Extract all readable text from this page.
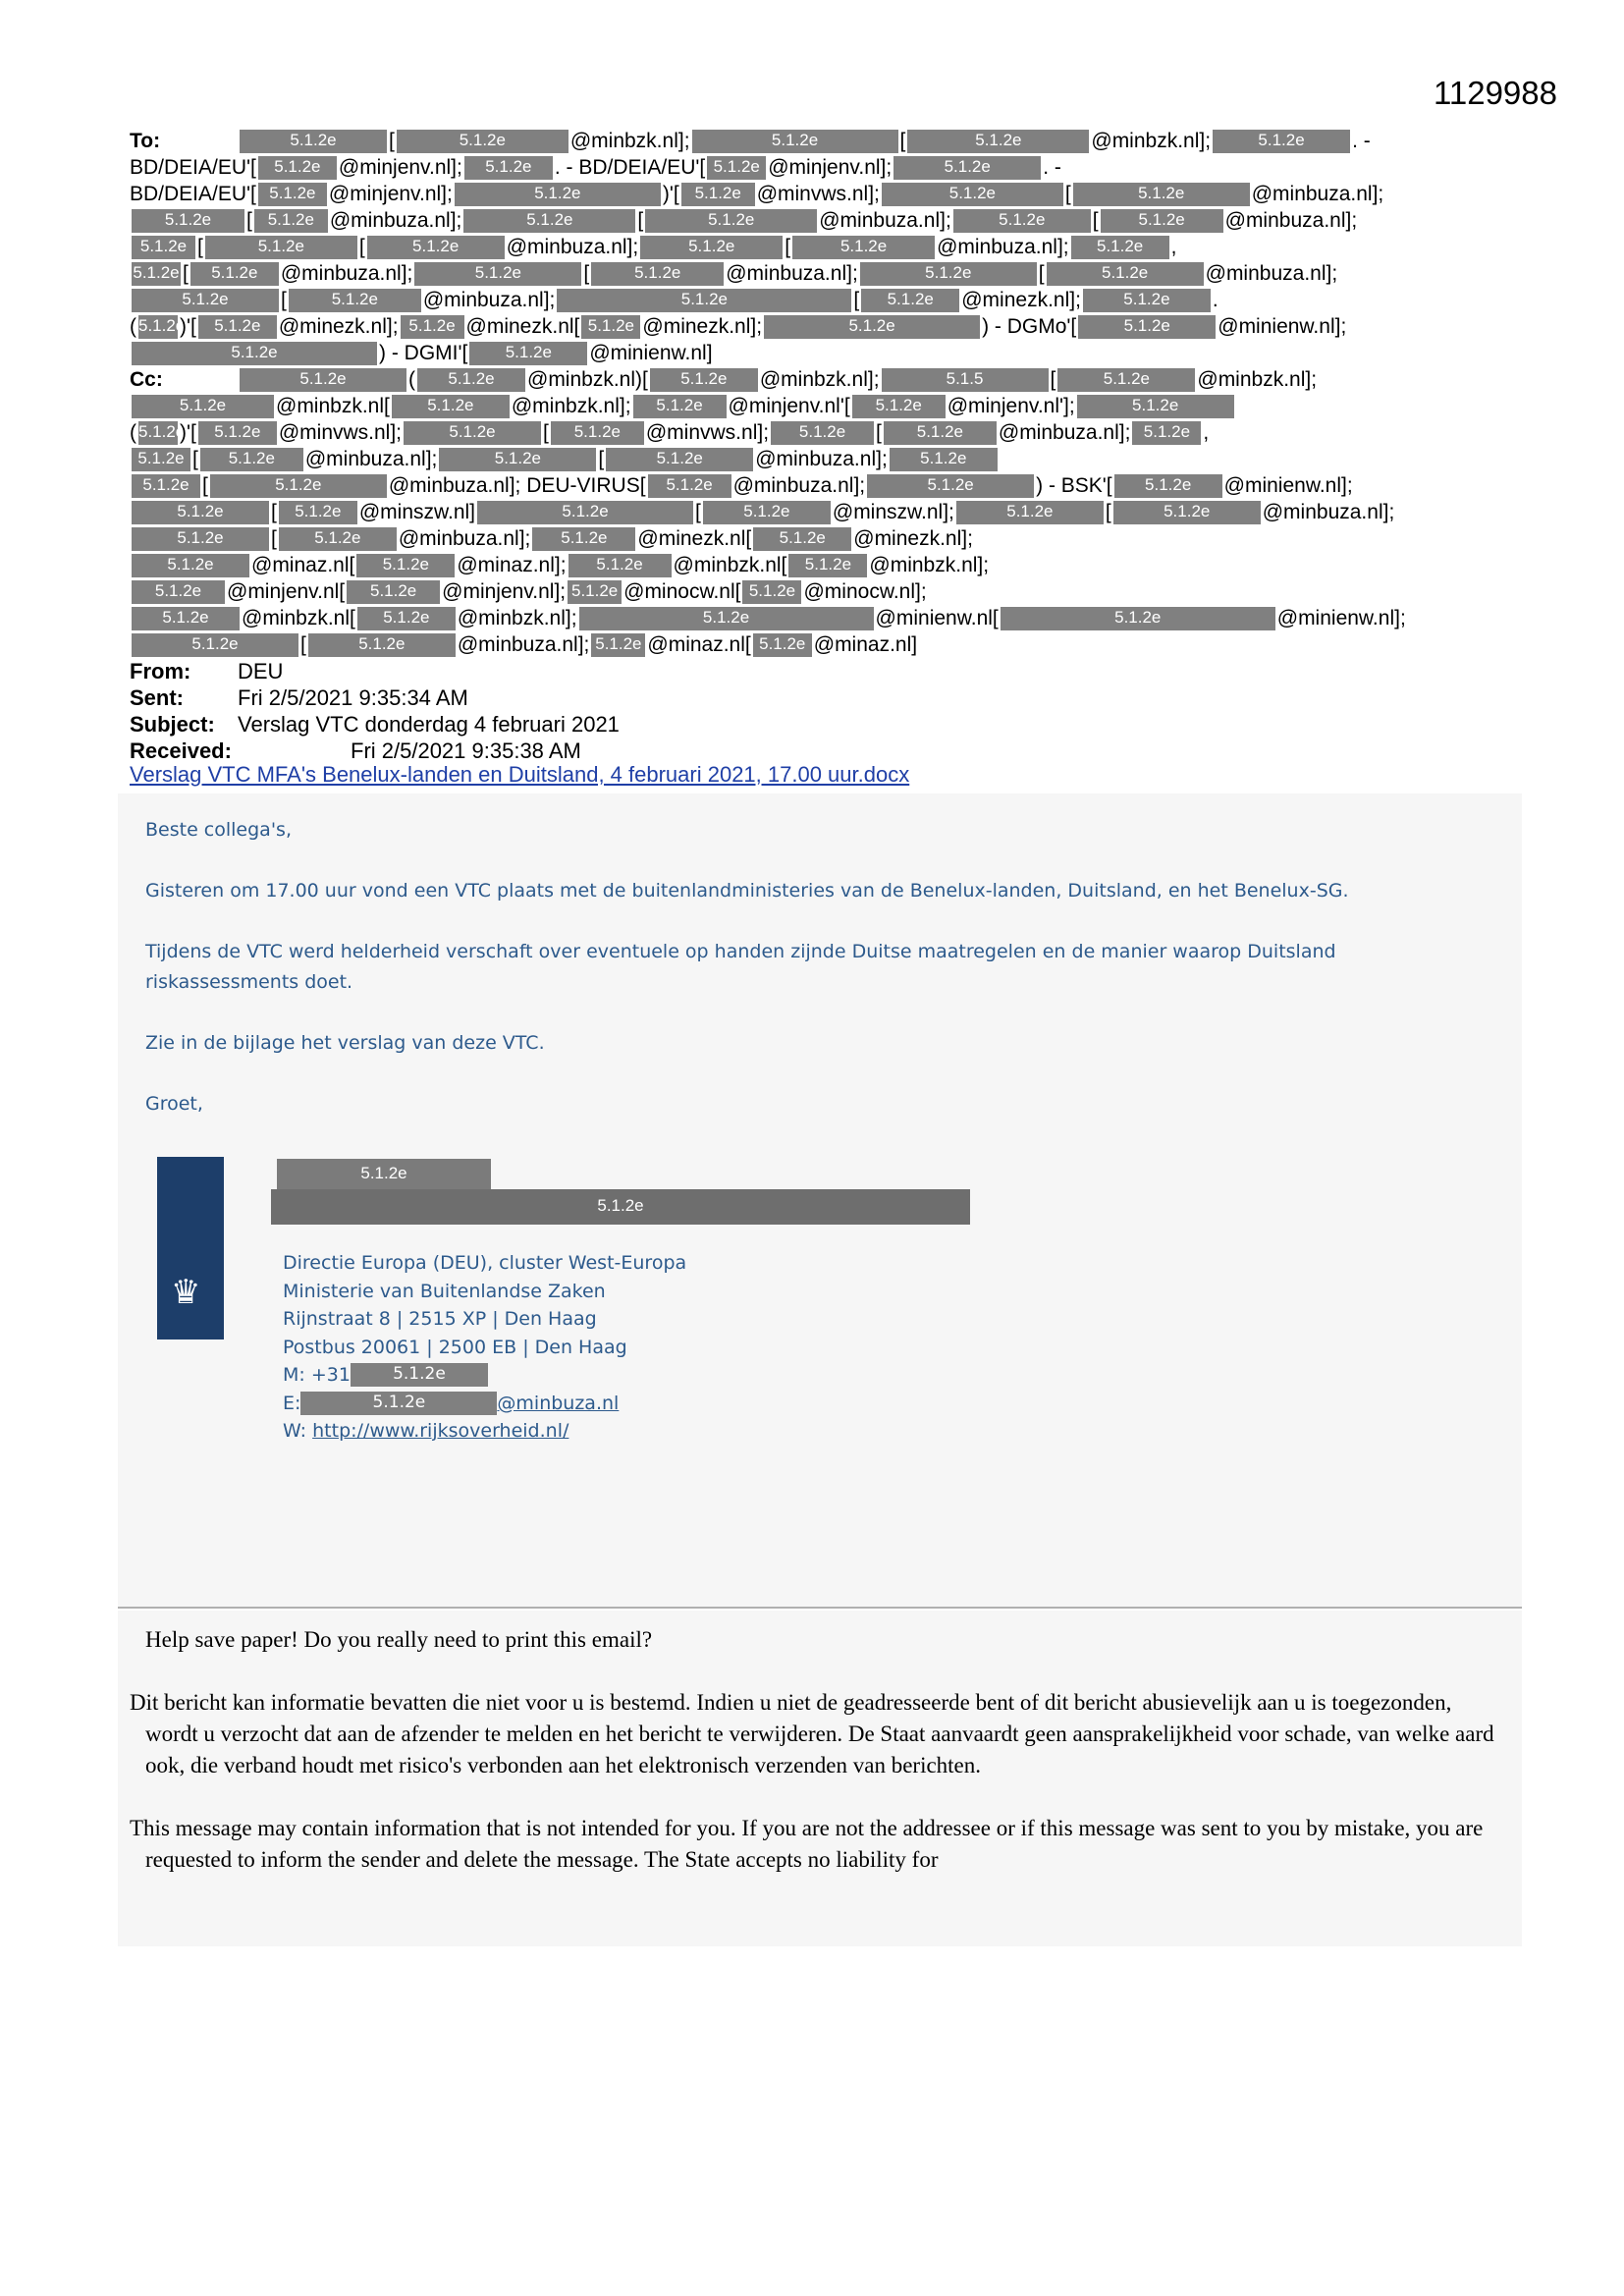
1129988
To:	5.1.2e	[	5.1.2e	@minbzk.nl];	5.1.2e	[	5.1.2e	@minbzk.nl];	5.1.2e	. -
BD/DEIA/EU'[	5.1.2e @minjenv.nl];	5.1.2e	. - BD/DEIA/EU'[ 5.1.2e @minjenv.nl];	5.1.2e	. -
BD/DEIA/EU'[ 5.1.2e @minjenv.nl];	5.1.2e	)'[ 5.1.2e @minvws.nl];	5.1.2e	[	5.1.2e	@minbuza.nl];
5.1.2e	[ 5.1.2e @minbuza.nl];	5.1.2e	[	5.1.2e	@minbuza.nl];	5.1.2e	[	5.1.2e	@minbuza.nl];
5.1.2e [	5.1.2e	[	5.1.2e	@minbuza.nl];	5.1.2e	[	5.1.2e	@minbuza.nl];	5.1.2e	,
5.1.2e [	5.1.2e	@minbuza.nl];	5.1.2e	[	5.1.2e	@minbuza.nl];	5.1.2e	[	5.1.2e	@minbuza.nl];
5.1.2e	[	5.1.2e	@minbuza.nl];	5.1.2e	[	5.1.2e	@minezk.nl];	5.1.2e	.
( 5.1.2e
)'[	5.1.2e @minezk.nl]; 5.1.2e @minezk.nl[ 5.1.2e @minezk.nl];	5.1.2e	) - DGMo'[	5.1.2e	@minienw.nl];
5.1.2e	) - DGMI'[	5.1.2e	@minienw.nl]
Cc:	5.1.2e	(	5.1.2e	@minbzk.nl)[	5.1.2e	@minbzk.nl];	5.1.5	[	5.1.2e	@minbzk.nl];
5.1.2e	@minbzk.nl[	5.1.2e	@minbzk.nl];	5.1.2e	@minjenv.nl'[	5.1.2e	@minjenv.nl'];	5.1.2e
( 5.1.2e
)'[	5.1.2e @minvws.nl];	5.1.2e	[	5.1.2e	@minvws.nl];	5.1.2e	[	5.1.2e	@minbuza.nl]; 5.1.2e ,
5.1.2e [	5.1.2e	@minbuza.nl];	5.1.2e	[	5.1.2e	@minbuza.nl];	5.1.2e
5.1.2e [	5.1.2e	@minbuza.nl]; DEU-VIRUS[	5.1.2e @minbuza.nl];	5.1.2e	) - BSK'[	5.1.2e	@minienw.nl];
5.1.2e	[	5.1.2e @minszw.nl]	5.1.2e	[	5.1.2e	@minszw.nl];	5.1.2e	[	5.1.2e	@minbuza.nl];
5.1.2e	[	5.1.2e	@minbuza.nl];	5.1.2e	@minezk.nl[	5.1.2e	@minezk.nl];
5.1.2e	@minaz.nl[	5.1.2e	@minaz.nl];	5.1.2e	@minbzk.nl[	5.1.2e @minbzk.nl];
5.1.2e	@minjenv.nl[	5.1.2e	@minjenv.nl]; 5.1.2e @minocw.nl[ 5.1.2e @minocw.nl];
5.1.2e	@minbzk.nl[	5.1.2e	@minbzk.nl];	5.1.2e	@minienw.nl[	5.1.2e	@minienw.nl];
5.1.2e	[	5.1.2e	@minbuza.nl]; 5.1.2e @minaz.nl[ 5.1.2e @minaz.nl]
From:	DEU
Sent:	Fri 2/5/2021 9:35:34 AM
Subject:	Verslag VTC donderdag 4 februari 2021
Received:	Fri 2/5/2021 9:35:38 AM
Verslag VTC MFA's Benelux-landen en Duitsland, 4 februari 2021, 17.00 uur.docx

Beste collega's,

Gisteren om 17.00 uur vond een VTC plaats met de buitenlandministeries van de Benelux-landen, Duitsland, en het Benelux-SG.

Tijdens de VTC werd helderheid verschaft over eventuele op handen zijnde Duitse maatregelen en de manier waarop Duitsland riskassessments doet.

Zie in de bijlage het verslag van deze VTC.

Groet,

♛
5.1.2e
5.1.2e
Directie Europa (DEU), cluster West-Europa
Ministerie van Buitenlandse Zaken
Rijnstraat 8 | 2515 XP | Den Haag
Postbus 20061 | 2500 EB | Den Haag
M: +31	5.1.2e
E:	5.1.2e	@minbuza.nl
W:
http://www.rijksoverheid.nl/

Help save paper! Do you really need to print this email?

Dit bericht kan informatie bevatten die niet voor u is bestemd. Indien u niet de geadresseerde bent of dit bericht abusievelijk aan u is toegezonden, wordt u verzocht dat aan de afzender te melden en het bericht te verwijderen. De Staat aanvaardt geen aansprakelijkheid voor schade, van welke aard ook, die verband houdt met risico's verbonden aan het elektronisch verzenden van berichten.

This message may contain information that is not intended for you. If you are not the addressee or if this message was sent to you by mistake, you are requested to inform the sender and delete the message. The State accepts no liability for
